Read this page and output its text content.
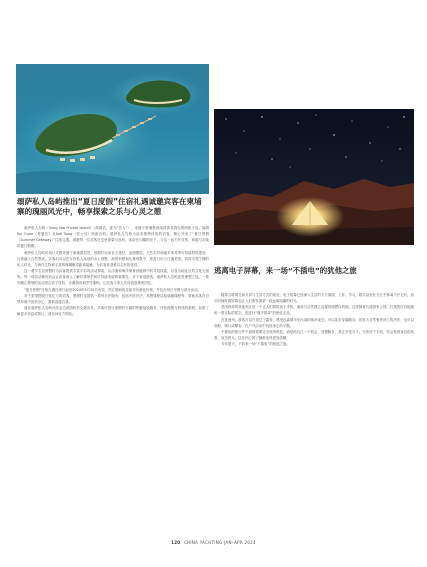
頌萨私人岛屿推出“夏日度假”住宿礼遇诚邀宾客在柬埔寨的瑰丽风光中，畅享探索之乐与心灵之憩

頌萨私人岛屿（Song Saa Private Island）（高棉语，意为“恋人”），坐落于柬埔寨西南部高龙群岛的两座小岛。编辑Kor Ouen（老婆岛）及Koh Song（老公岛）两座岛屿。頌萨私人岛屿为追求独特体验的宾客，精心开发了“夏日度假（Summer Getaway）”住宿礼遇，诚邀每一位宾客在这里探索与放松。沐浴在闪耀的光下，与这一远天开自然、和谐与永续的夏日假期。

頌萨私人岛屿的设计灵感来源于柬埔寨自然，度假村运用本土建材，参照寨居，天然木材和遮木家具等可持续材料建造，巧妙融入自然景致。宾客们可以在专有私人泳池的水上别墅、海景别墅和丛林别墅中，欣赏日出与日落美景，同时享受宁静的私人时光，与海洋生物和丰富的珊瑚礁零距离接触，为宾客营造难以忘怀的体验。

这一番学生态度假村为宾客提供丰富多彩的活动探索，从浮潜和海洋保育到鹿群中的寻找探索，以及当地社区的文化交流等。每一项活动都有机会让宾客深入了解环境保护和可持续发展的重要性，对于家庭游客，頌萨私人岛屿更是理想之选，一系列精心策划的活动适合亲子体验，沙滩游戏和烹饪课程，让宾客与家人共同创造珍贵回忆。

“夏日度假”住宿礼遇自即日起至2024年9月30日有效，预订期间的住宿享有最佳价格，并包含每日早餐与部分活动。

对于希望摆脱日常压力的宾客，度假村也提供一系列水疗服务，包括中医疗法、冥想课程以及瑜伽课程等，帮助宾客在自然环境中放松身心，重新连接自我。

前往頌萨私人岛屿可经金边或西哈努克港出发，宾客可预订度假村专属的快艇接驳服务，体验便捷与舒适的旅程。如需了解更多信息或预订，请访问官方网站。

逃离电子屏幕，来一场“不插电”的犹他之旅

随着互联网日新月异与生活方式的改变，电子屏幕已经深入生活的方方面面，工作、学习、娱乐甚至社交几乎都离不开它们，而长时间盯着屏幕也让人们愈发渴望一段远离喧嚣的时光。

美国西部的犹他州正是一个让人们暂时放下手机、重新与自然建立连接的理想目的地。这里拥有五座国家公园、壮观的红岩地貌和一望无际的星空，是进行“数字排毒”的绝佳去处。

在犹他州，游客可以在星空下露营，感受远离城市光污染的纯净夜空；可以徒步穿越峡谷，欣赏大自然鬼斧神工的杰作；也可以划船、骑行或攀岩，在户外活动中找回身心的平衡。

不插电的旅行并不意味着要完全放弃科技，而是给自己一个机会，放慢脚步，真正享受当下。当你放下手机，你会发现身边的风景、身边的人，以及内心的宁静都变得更加清晰。

今年夏天，不妨来一场“不插电”的犹他之旅。

120 CHINA YACHTING JAN–APR 2024
